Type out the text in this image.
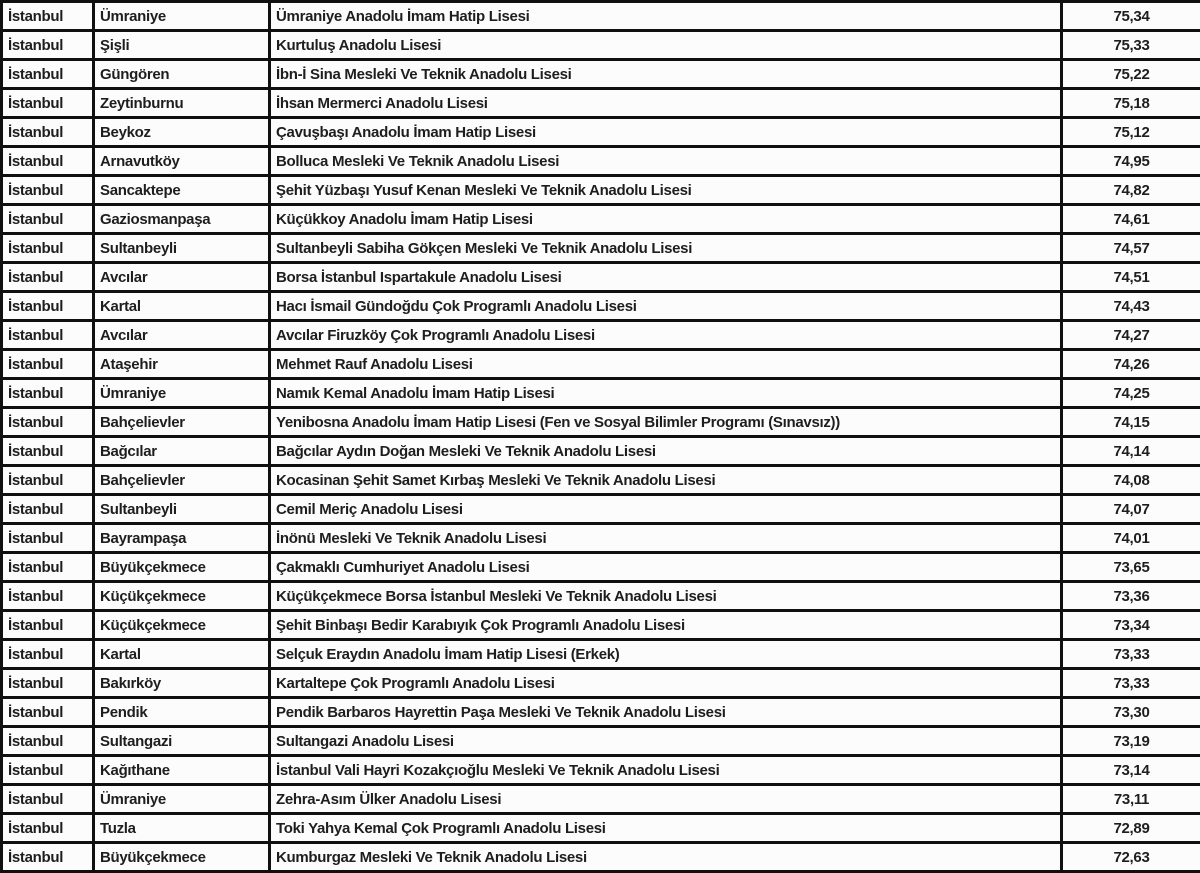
İstanbul	Ümraniye	Ümraniye Anadolu İmam Hatip Lisesi	75,34
İstanbul	Şişli	Kurtuluş Anadolu Lisesi	75,33
İstanbul	Güngören	İbn-İ Sina Mesleki Ve Teknik Anadolu Lisesi	75,22
İstanbul	Zeytinburnu	İhsan Mermerci Anadolu Lisesi	75,18
İstanbul	Beykoz	Çavuşbaşı Anadolu İmam Hatip Lisesi	75,12
İstanbul	Arnavutköy	Bolluca Mesleki Ve Teknik Anadolu Lisesi	74,95
İstanbul	Sancaktepe	Şehit Yüzbaşı Yusuf Kenan Mesleki Ve Teknik Anadolu Lisesi	74,82
İstanbul	Gaziosmanpaşa	Küçükkoy Anadolu İmam Hatip Lisesi	74,61
İstanbul	Sultanbeyli	Sultanbeyli Sabiha Gökçen Mesleki Ve Teknik Anadolu Lisesi	74,57
İstanbul	Avcılar	Borsa İstanbul Ispartakule Anadolu Lisesi	74,51
İstanbul	Kartal	Hacı İsmail Gündoğdu Çok Programlı Anadolu Lisesi	74,43
İstanbul	Avcılar	Avcılar Firuzköy Çok Programlı Anadolu Lisesi	74,27
İstanbul	Ataşehir	Mehmet Rauf Anadolu Lisesi	74,26
İstanbul	Ümraniye	Namık Kemal Anadolu İmam Hatip Lisesi	74,25
İstanbul	Bahçelievler	Yenibosna Anadolu İmam Hatip Lisesi (Fen ve Sosyal Bilimler Programı (Sınavsız))	74,15
İstanbul	Bağcılar	Bağcılar Aydın Doğan Mesleki Ve Teknik Anadolu Lisesi	74,14
İstanbul	Bahçelievler	Kocasinan Şehit Samet Kırbaş Mesleki Ve Teknik Anadolu Lisesi	74,08
İstanbul	Sultanbeyli	Cemil Meriç Anadolu Lisesi	74,07
İstanbul	Bayrampaşa	İnönü Mesleki Ve Teknik Anadolu Lisesi	74,01
İstanbul	Büyükçekmece	Çakmaklı Cumhuriyet Anadolu Lisesi	73,65
İstanbul	Küçükçekmece	Küçükçekmece Borsa İstanbul Mesleki Ve Teknik Anadolu Lisesi	73,36
İstanbul	Küçükçekmece	Şehit Binbaşı Bedir Karabıyık Çok Programlı Anadolu Lisesi	73,34
İstanbul	Kartal	Selçuk Eraydın Anadolu İmam Hatip Lisesi (Erkek)	73,33
İstanbul	Bakırköy	Kartaltepe Çok Programlı Anadolu Lisesi	73,33
İstanbul	Pendik	Pendik Barbaros Hayrettin Paşa Mesleki Ve Teknik Anadolu Lisesi	73,30
İstanbul	Sultangazi	Sultangazi Anadolu Lisesi	73,19
İstanbul	Kağıthane	İstanbul Vali Hayri Kozakçıoğlu Mesleki Ve Teknik Anadolu Lisesi	73,14
İstanbul	Ümraniye	Zehra-Asım Ülker Anadolu Lisesi	73,11
İstanbul	Tuzla	Toki Yahya Kemal Çok Programlı Anadolu Lisesi	72,89
İstanbul	Büyükçekmece	Kumburgaz Mesleki Ve Teknik Anadolu Lisesi	72,63
